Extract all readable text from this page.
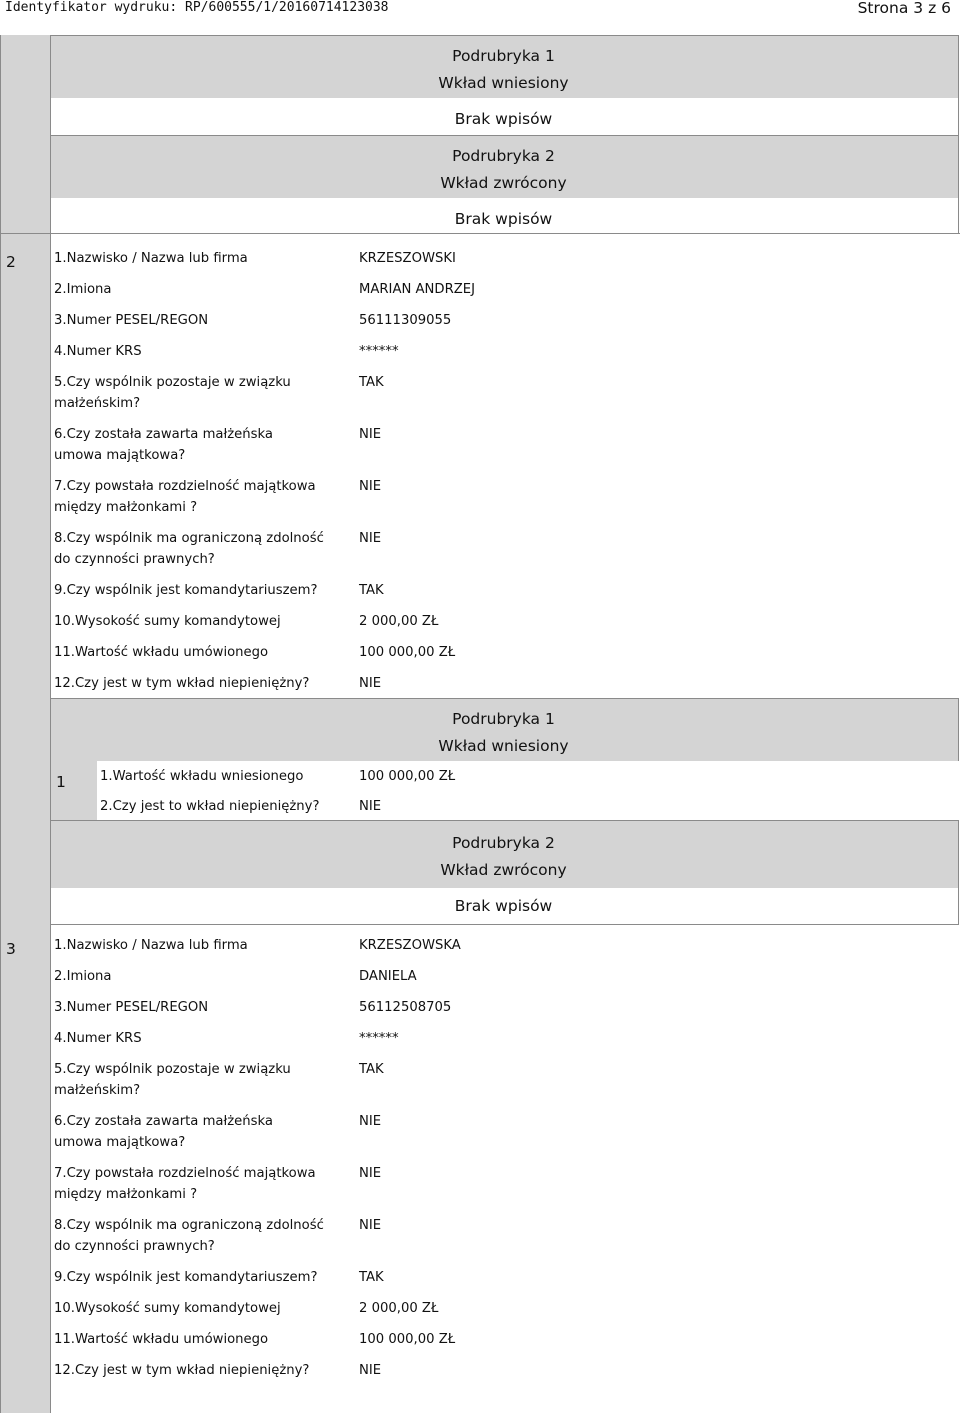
Identyfikator wydruku: RP/600555/1/20160714123038	Strona 3 z 6
Podrubryka 1
Wkład wniesiony
Brak wpisów
Podrubryka 2
Wkład zwrócony
Brak wpisów
2	1.Nazwisko / Nazwa lub firma	KRZESZOWSKI
2.Imiona	MARIAN ANDRZEJ
3.Numer PESEL/REGON	56111309055
4.Numer KRS	******
5.Czy wspólnik pozostaje w związku małżeńskim?
TAK
6.Czy została zawarta małżeńska umowa majątkowa?
NIE
7.Czy powstała rozdzielność majątkowa między małżonkami ?
NIE
8.Czy wspólnik ma ograniczoną zdolność do czynności prawnych?
NIE
9.Czy wspólnik jest komandytariuszem?	TAK
10.Wysokość sumy komandytowej	2 000,00 ZŁ
11.Wartość wkładu umówionego	100 000,00 ZŁ
12.Czy jest w tym wkład niepieniężny?	NIE
Podrubryka 1
Wkład wniesiony
1	1.Wartość wkładu wniesionego	100 000,00 ZŁ
2.Czy jest to wkład niepieniężny?	NIE
Podrubryka 2
Wkład zwrócony
Brak wpisów
3	1.Nazwisko / Nazwa lub firma	KRZESZOWSKA
2.Imiona	DANIELA
3.Numer PESEL/REGON	56112508705
4.Numer KRS	******
5.Czy wspólnik pozostaje w związku małżeńskim?
TAK
6.Czy została zawarta małżeńska umowa majątkowa?
NIE
7.Czy powstała rozdzielność majątkowa między małżonkami ?
NIE
8.Czy wspólnik ma ograniczoną zdolność do czynności prawnych?
NIE
9.Czy wspólnik jest komandytariuszem?	TAK
10.Wysokość sumy komandytowej	2 000,00 ZŁ
11.Wartość wkładu umówionego	100 000,00 ZŁ
12.Czy jest w tym wkład niepieniężny?	NIE
